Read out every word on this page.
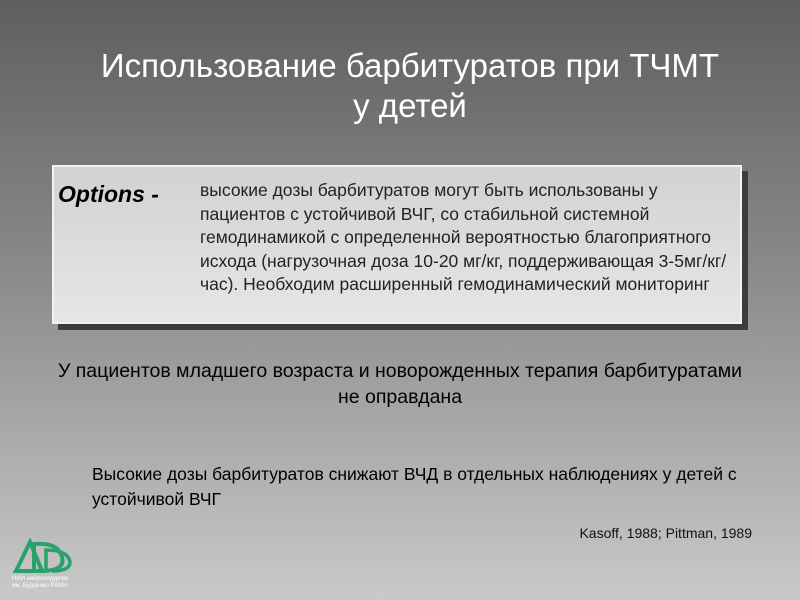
Использование барбитуратов при ТЧМТ
у детей
Options - высокие дозы барбитуратов могут быть использованы у пациентов с устойчивой ВЧГ, со стабильной системной гемодинамикой с определенной вероятностью благоприятного исхода (нагрузочная доза 10-20 мг/кг, поддерживающая 3-5мг/кг/час). Необходим расширенный гемодинамический мониторинг
У пациентов младшего возраста и новорожденных терапия барбитуратами не оправдана
Высокие дозы барбитуратов снижают ВЧД в отдельных наблюдениях у детей с устойчивой ВЧГ
Kasoff, 1988; Pittman, 1989
НИИ нейрохирургии
им. Бурденко РАМН
